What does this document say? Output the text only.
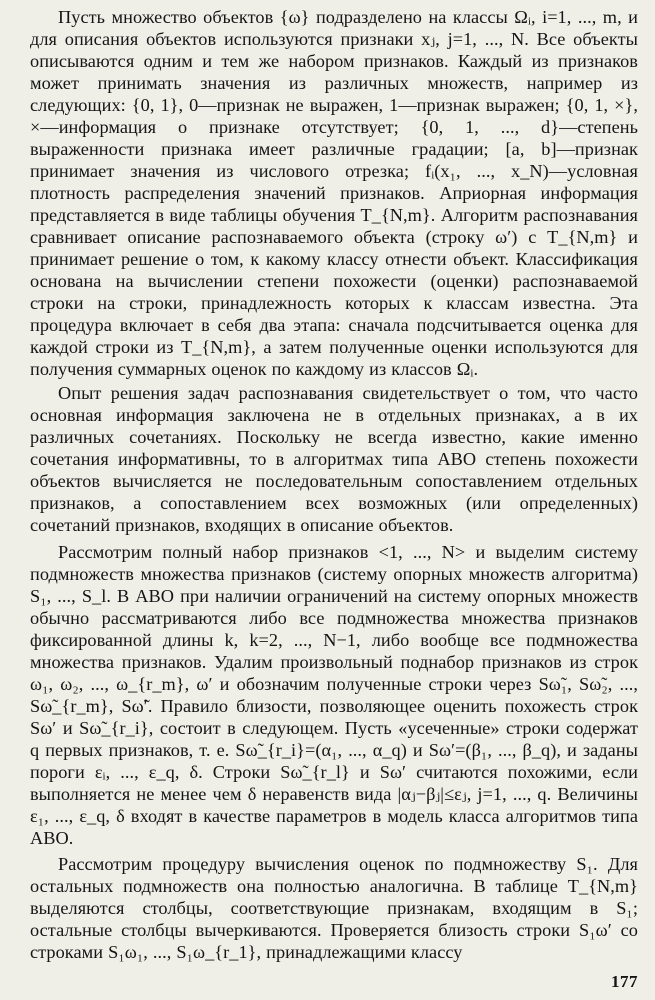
Пусть множество объектов {ω} подразделено на классы Ωᵢ, i=1, ..., m, и для описания объектов используются признаки xⱼ, j=1, ..., N. Все объекты описываются одним и тем же набором признаков. Каждый из признаков может принимать значения из различных множеств, например из следующих: {0, 1}, 0—признак не выражен, 1—признак выражен; {0, 1, ×}, ×—информация о признаке отсутствует; {0, 1, ..., d}—степень выраженности признака имеет различные градации; [a, b]—признак принимает значения из числового отрезка; fᵢ(x₁, ..., x_N)—условная плотность распределения значений признаков. Априорная информация представляется в виде таблицы обучения T_{N,m}. Алгоритм распознавания сравнивает описание распознаваемого объекта (строку ω′) с T_{N,m} и принимает решение о том, к какому классу отнести объект. Классификация основана на вычислении степени похожести (оценки) распознаваемой строки на строки, принадлежность которых к классам известна. Эта процедура включает в себя два этапа: сначала подсчитывается оценка для каждой строки из T_{N,m}, а затем полученные оценки используются для получения суммарных оценок по каждому из классов Ωᵢ.

Опыт решения задач распознавания свидетельствует о том, что часто основная информация заключена не в отдельных признаках, а в их различных сочетаниях. Поскольку не всегда известно, какие именно сочетания информативны, то в алгоритмах типа АВО степень похожести объектов вычисляется не последовательным сопоставлением отдельных признаков, а сопоставлением всех возможных (или определенных) сочетаний признаков, входящих в описание объектов.

Рассмотрим полный набор признаков <1, ..., N> и выделим систему подмножеств множества признаков (систему опорных множеств алгоритма) S₁, ..., S_l. В АВО при наличии ограничений на систему опорных множеств обычно рассматриваются либо все подмножества множества признаков фиксированной длины k, k=2, ..., N−1, либо вообще все подмножества множества признаков. Удалим произвольный поднабор признаков из строк ω₁, ω₂, ..., ω_{r_m}, ω′ и обозначим полученные строки через Sω̃₁, Sω̃₂, ..., Sω̃_{r_m}, Sω̃′. Правило близости, позволяющее оценить похожесть строк Sω′ и Sω̃_{r_i}, состоит в следующем. Пусть «усеченные» строки содержат q первых признаков, т. е. Sω̃_{r_i}=(α₁, ..., α_q) и Sω′=(β₁, ..., β_q), и заданы пороги εᵢ, ..., ε_q, δ. Строки Sω̃_{r_l} и Sω′ считаются похожими, если выполняется не менее чем δ неравенств вида |αⱼ−βⱼ|≤εⱼ, j=1, ..., q. Величины ε₁, ..., ε_q, δ входят в качестве параметров в модель класса алгоритмов типа АВО.

Рассмотрим процедуру вычисления оценок по подмножеству S₁. Для остальных подмножеств она полностью аналогична. В таблице T_{N,m} выделяются столбцы, соответствующие признакам, входящим в S₁; остальные столбцы вычеркиваются. Проверяется близость строки S₁ω′ со строками S₁ω₁, ..., S₁ω_{r_1}, принадлежащими классу

177
